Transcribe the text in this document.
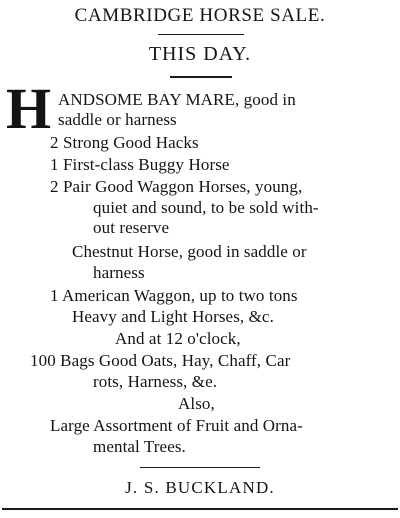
CAMBRIDGE HORSE SALE.
THIS DAY.
H ANDSOME BAY MARE, good in
saddle or harness
2 Strong Good Hacks
1 First-class Buggy Horse
2 Pair Good Waggon Horses, young,
quiet and sound, to be sold with-
out reserve
Chestnut Horse, good in saddle or
harness
1 American Waggon, up to two tons
Heavy and Light Horses, &c.
And at 12 o'clock,
100 Bags Good Oats, Hay, Chaff, Car
rots, Harness, &e.
Also,
Large Assortment of Fruit and Orna-
mental Trees.
J. S. BUCKLAND.
